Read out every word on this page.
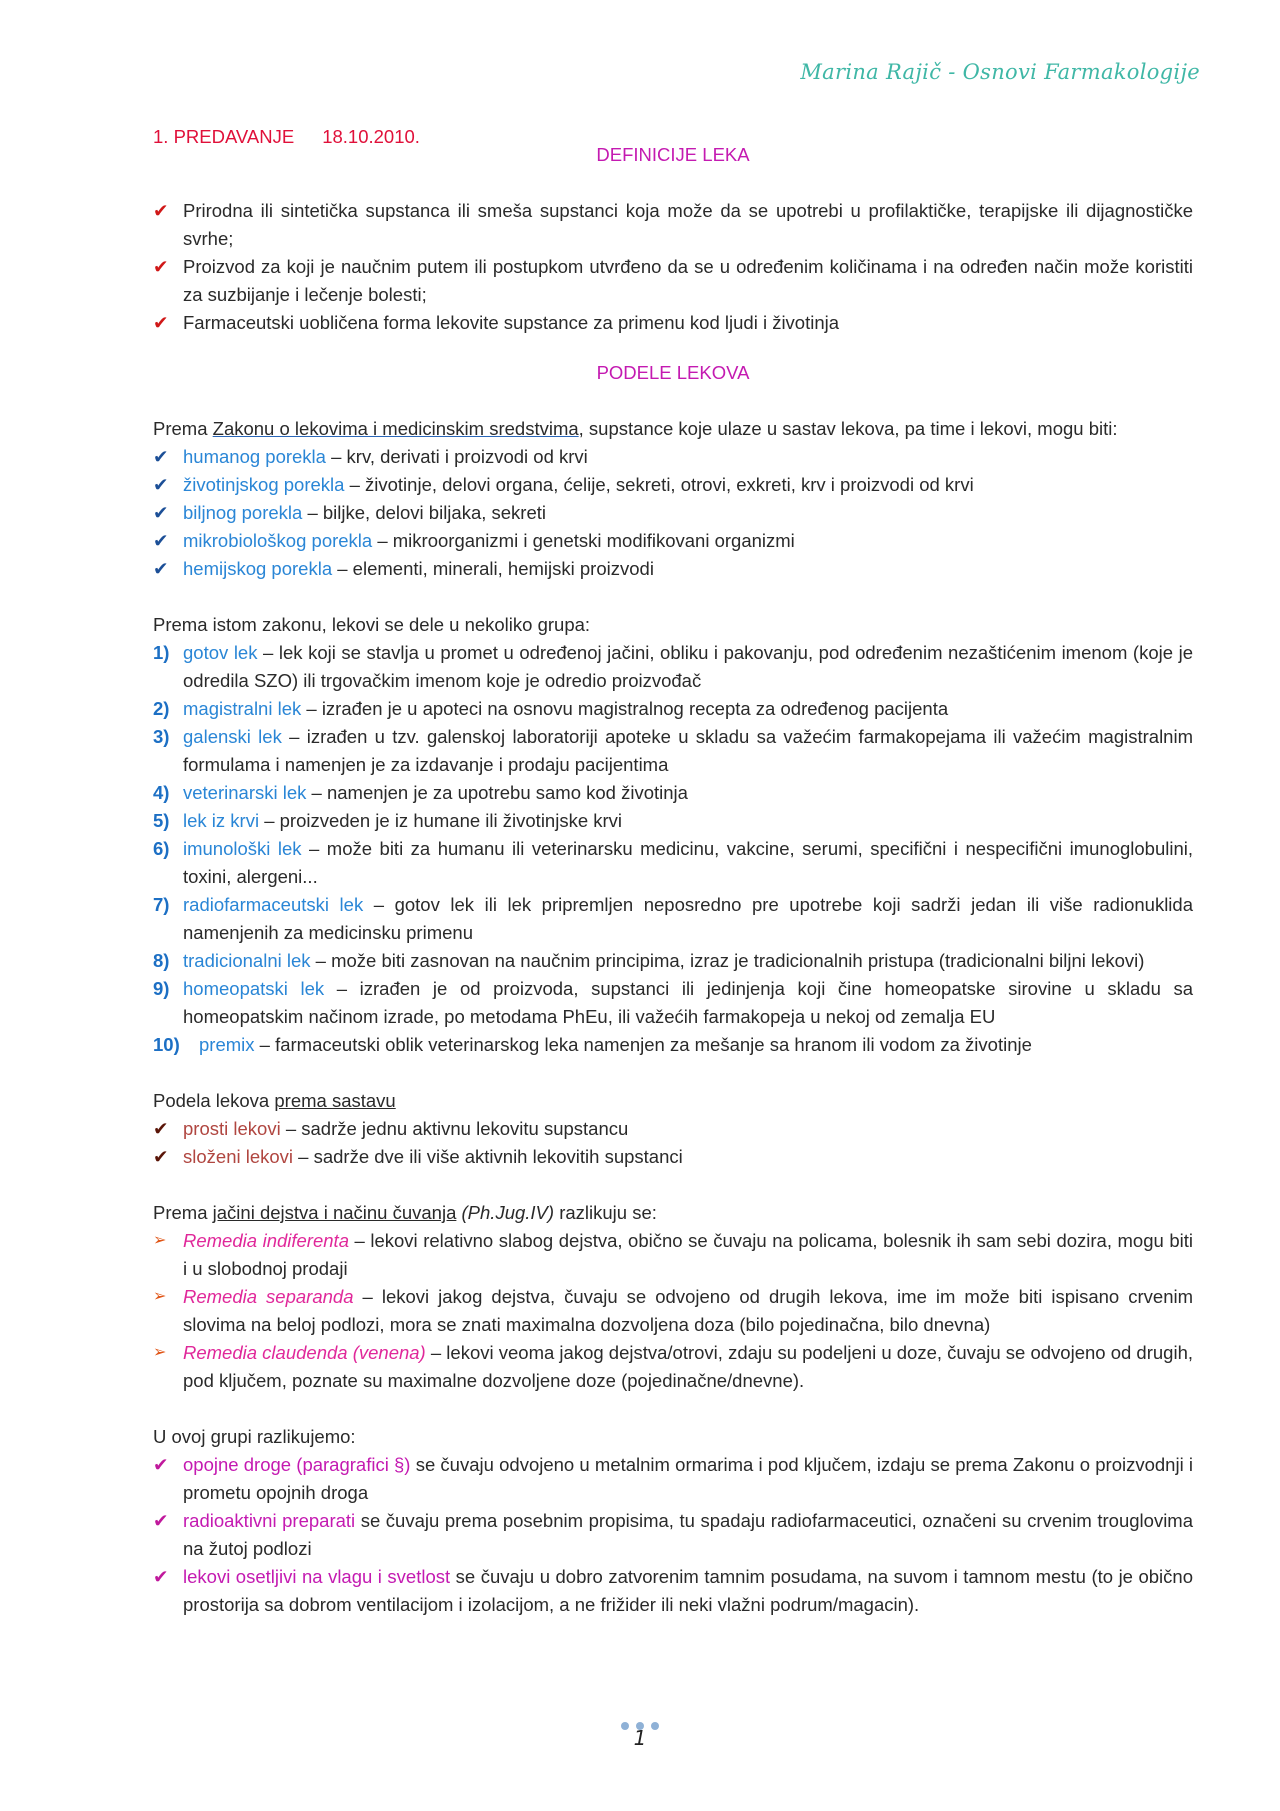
Marina Rajič - Osnovi Farmakologije
1. PREDAVANJE 18.10.2010.
DEFINICIJE LEKA
✔ Prirodna ili sintetička supstanca ili smeša supstanci koja može da se upotrebi u profilaktičke, terapijske ili dijagnostičke svrhe;
✔ Proizvod za koji je naučnim putem ili postupkom utvrđeno da se u određenim količinama i na određen način može koristiti za suzbijanje i lečenje bolesti;
✔ Farmaceutski uobličena forma lekovite supstance za primenu kod ljudi i životinja
PODELE LEKOVA

Prema Zakonu o lekovima i medicinskim sredstvima, supstance koje ulaze u sastav lekova, pa time i lekovi, mogu biti:

✔ humanog porekla – krv, derivati i proizvodi od krvi
✔ životinjskog porekla – životinje, delovi organa, ćelije, sekreti, otrovi, exkreti, krv i proizvodi od krvi
✔ biljnog porekla – biljke, delovi biljaka, sekreti
✔ mikrobiološkog porekla – mikroorganizmi i genetski modifikovani organizmi
✔ hemijskog porekla – elementi, minerali, hemijski proizvodi

Prema istom zakonu, lekovi se dele u nekoliko grupa:

1) gotov lek – lek koji se stavlja u promet u određenoj jačini, obliku i pakovanju, pod određenim nezaštićenim imenom (koje je odredila SZO) ili trgovačkim imenom koje je odredio proizvođač
2) magistralni lek – izrađen je u apoteci na osnovu magistralnog recepta za određenog pacijenta
3) galenski lek – izrađen u tzv. galenskoj laboratoriji apoteke u skladu sa važećim farmakopejama ili važećim magistralnim formulama i namenjen je za izdavanje i prodaju pacijentima
4) veterinarski lek – namenjen je za upotrebu samo kod životinja
5) lek iz krvi – proizveden je iz humane ili životinjske krvi
6) imunološki lek – može biti za humanu ili veterinarsku medicinu, vakcine, serumi, specifični i nespecifični imunoglobulini, toxini, alergeni...
7) radiofarmaceutski lek – gotov lek ili lek pripremljen neposredno pre upotrebe koji sadrži jedan ili više radionuklida namenjenih za medicinsku primenu
8) tradicionalni lek – može biti zasnovan na naučnim principima, izraz je tradicionalnih pristupa (tradicionalni biljni lekovi)
9) homeopatski lek – izrađen je od proizvoda, supstanci ili jedinjenja koji čine homeopatske sirovine u skladu sa homeopatskim načinom izrade, po metodama PhEu, ili važećih farmakopeja u nekoj od zemalja EU
10) premix – farmaceutski oblik veterinarskog leka namenjen za mešanje sa hranom ili vodom za životinje

Podela lekova prema sastavu

✔ prosti lekovi – sadrže jednu aktivnu lekovitu supstancu
✔ složeni lekovi – sadrže dve ili više aktivnih lekovitih supstanci

Prema jačini dejstva i načinu čuvanja (Ph.Jug.IV) razlikuju se:

➢ Remedia indiferenta – lekovi relativno slabog dejstva, obično se čuvaju na policama, bolesnik ih sam sebi dozira, mogu biti i u slobodnoj prodaji
➢ Remedia separanda – lekovi jakog dejstva, čuvaju se odvojeno od drugih lekova, ime im može biti ispisano crvenim slovima na beloj podlozi, mora se znati maximalna dozvoljena doza (bilo pojedinačna, bilo dnevna)
➢ Remedia claudenda (venena) – lekovi veoma jakog dejstva/otrovi, zdaju su podeljeni u doze, čuvaju se odvojeno od drugih, pod ključem, poznate su maximalne dozvoljene doze (pojedinačne/dnevne).

U ovoj grupi razlikujemo:

✔ opojne droge (paragrafici §) se čuvaju odvojeno u metalnim ormarima i pod ključem, izdaju se prema Zakonu o proizvodnji i prometu opojnih droga
✔ radioaktivni preparati se čuvaju prema posebnim propisima, tu spadaju radiofarmaceutici, označeni su crvenim trouglovima na žutoj podlozi
✔ lekovi osetljivi na vlagu i svetlost se čuvaju u dobro zatvorenim tamnim posudama, na suvom i tamnom mestu (to je obično prostorija sa dobrom ventilacijom i izolacijom, a ne frižider ili neki vlažni podrum/magacin).
1
